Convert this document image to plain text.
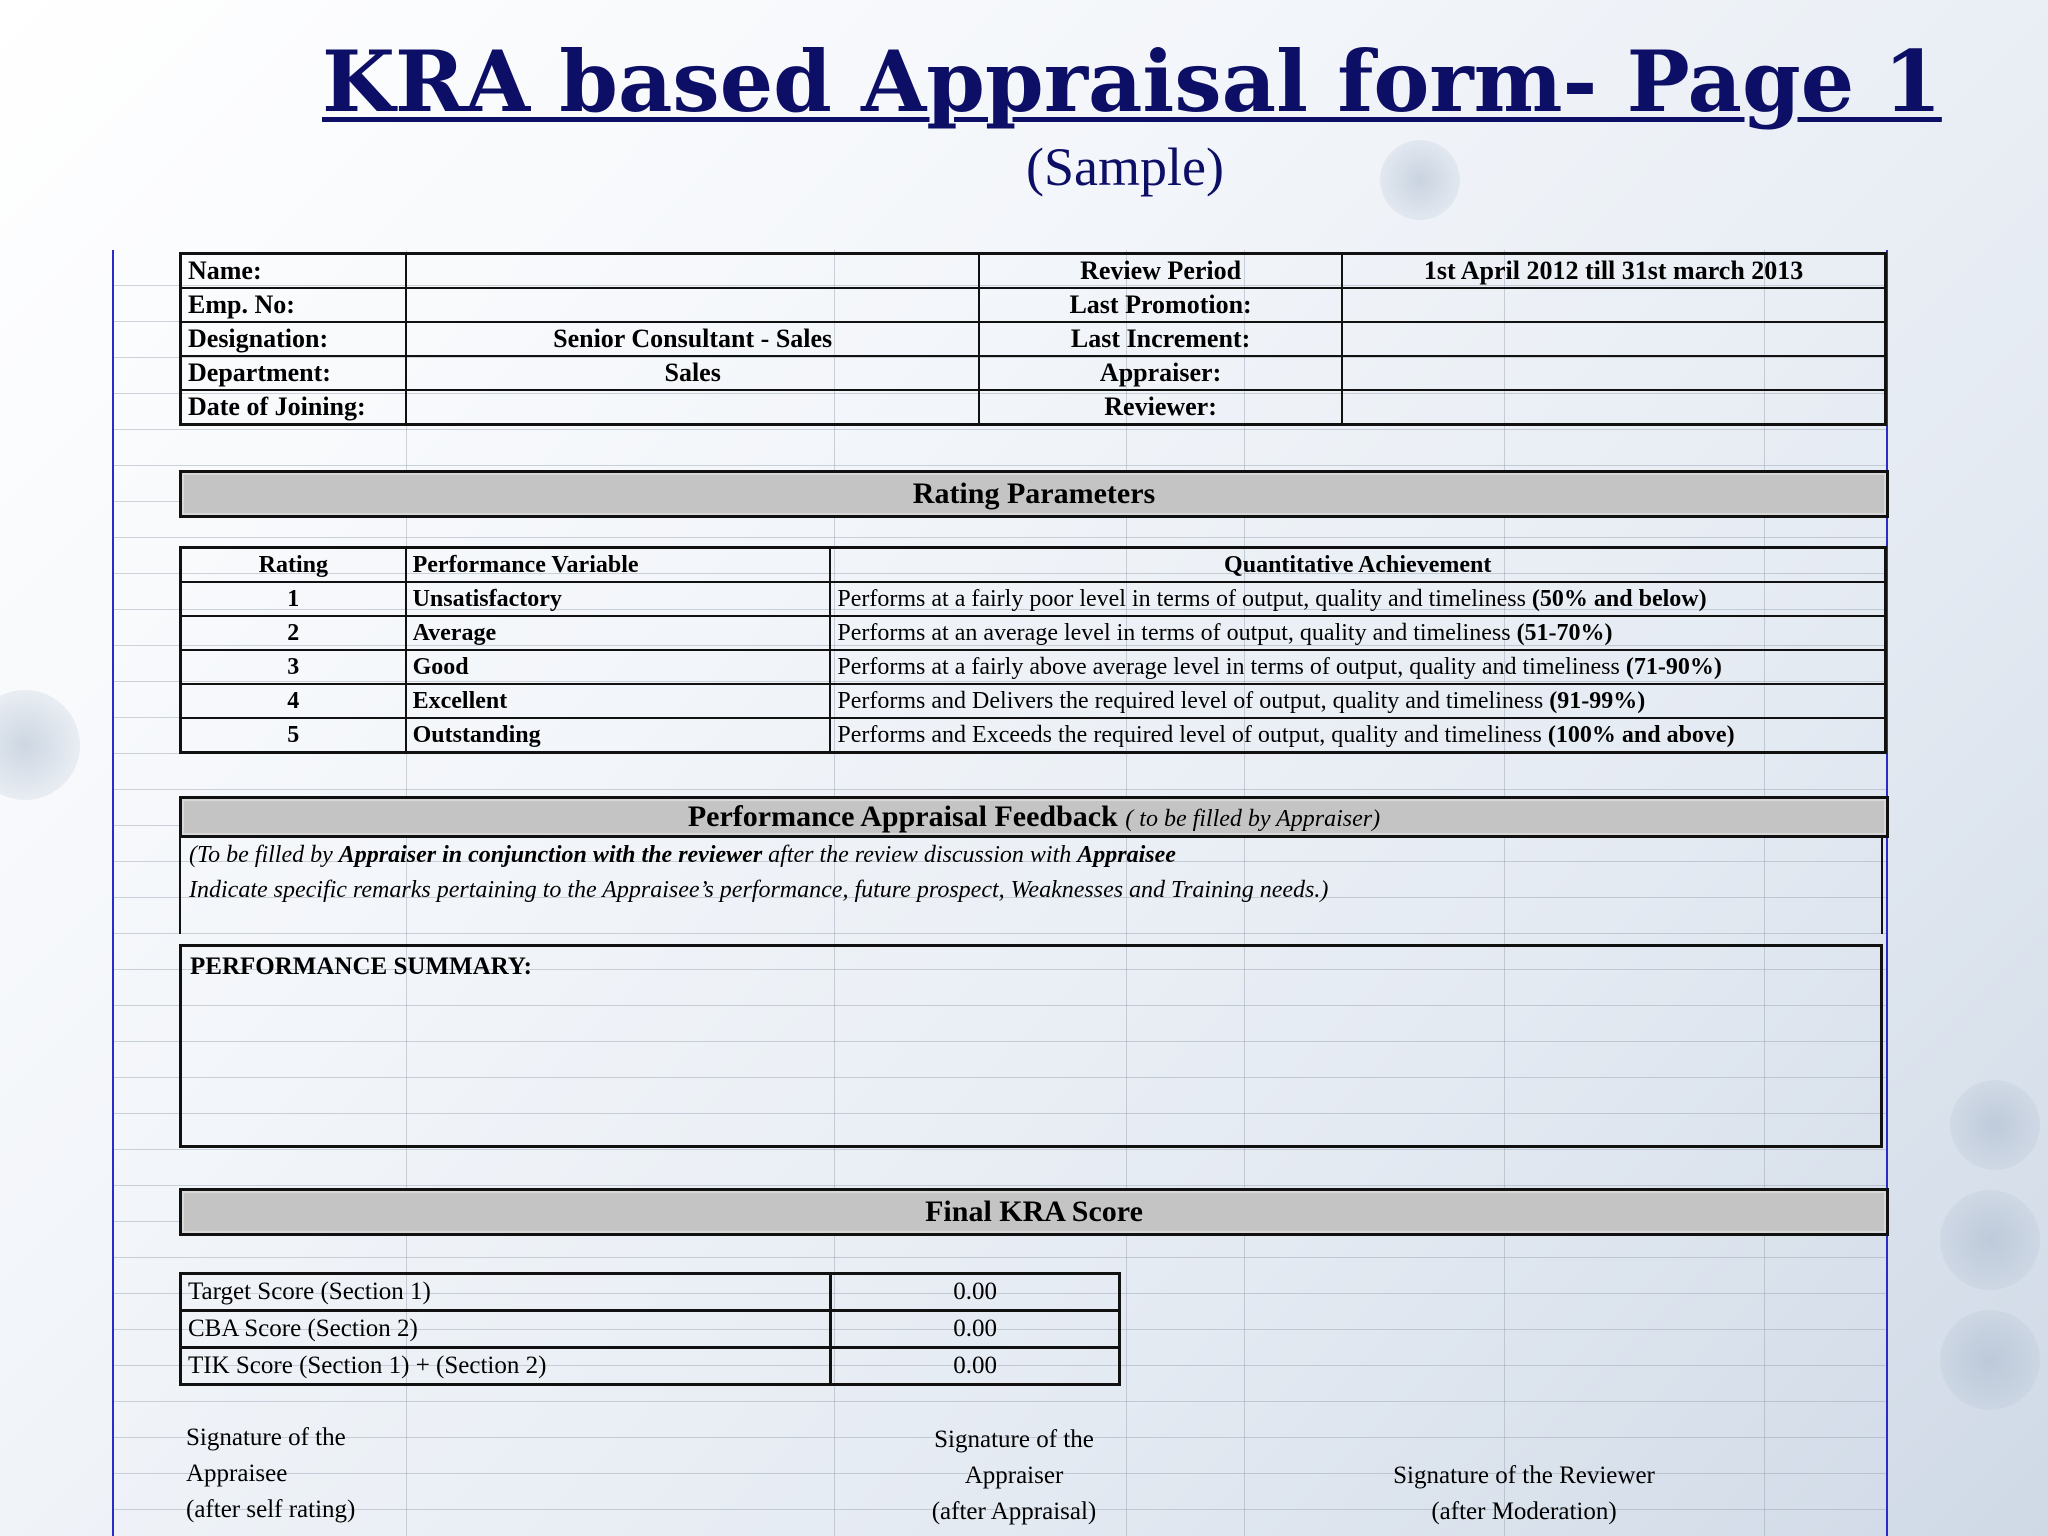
KRA based Appraisal form- Page 1
(Sample)
Name:		Review Period	1st April 2012 till 31st march 2013
Emp. No:		Last Promotion:	
Designation:	Senior Consultant - Sales	Last Increment:	
Department:	Sales	Appraiser:	
Date of Joining:		Reviewer:	
Rating Parameters
Rating	Performance Variable	Quantitative Achievement
1	Unsatisfactory	Performs at a fairly poor level in terms of output, quality and timeliness (50% and below)
2	Average	Performs at an average level in terms of output, quality and timeliness (51-70%)
3	Good	Performs at a fairly above average level in terms of output, quality and timeliness (71-90%)
4	Excellent	Performs and Delivers the required level of output, quality and timeliness (91-99%)
5	Outstanding	Performs and Exceeds the required level of output, quality and timeliness (100% and above)
Performance Appraisal Feedback ( to be filled by Appraiser)
(To be filled by Appraiser in conjunction with the reviewer after the review discussion with Appraisee
Indicate specific remarks pertaining to the Appraisee’s performance, future prospect, Weaknesses and Training needs.)
PERFORMANCE SUMMARY:
Final KRA Score
Target Score (Section 1)	0.00
CBA Score (Section 2)	0.00
TIK Score (Section 1) + (Section 2)	0.00
Signature of the
Appraisee
(after self rating)
Signature of the
Appraiser
(after Appraisal)
Signature of the Reviewer
(after Moderation)
